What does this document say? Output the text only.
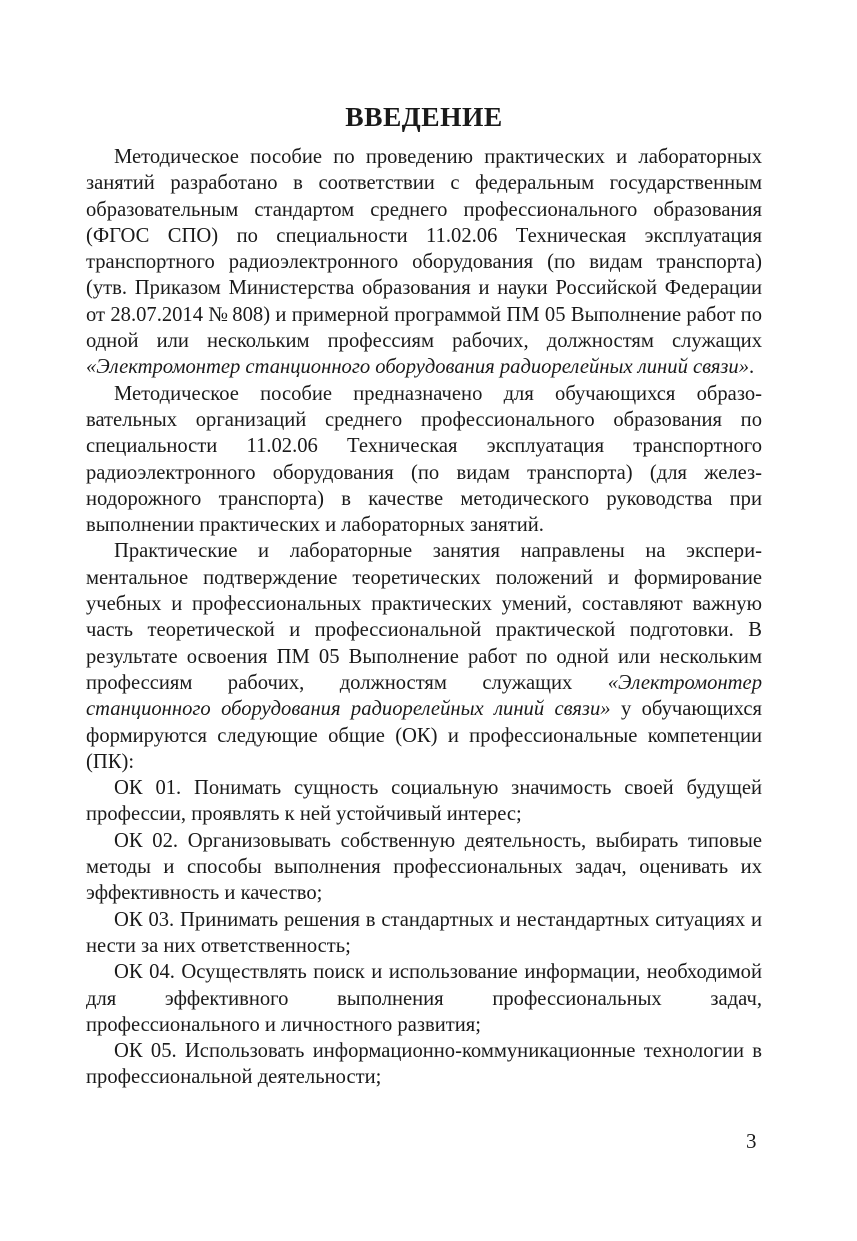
ВВЕДЕНИЕ

Методическое пособие по проведению практических и лабораторных занятий разработано в соответствии с федеральным государственным образовательным стандартом среднего профессионального образования (ФГОС СПО) по специальности 11.02.06 Техническая эксплуатация транспортного радиоэлектронного оборудования (по видам транспорта) (утв. Приказом Министерства образования и науки Российской Федерации от 28.07.2014 № 808) и примерной программой ПМ 05 Выполнение работ по одной или нескольким профессиям рабочих, должностям служащих «Электромонтер станционного оборудования радиорелейных линий связи».

Методическое пособие предназначено для обучающихся образовательных организаций среднего профессионального образования по специальности 11.02.06 Техническая эксплуатация транспортного радиоэлектронного оборудования (по видам транспорта) (для железнодорожного транспорта) в качестве методического руководства при выполнении практических и лабораторных занятий.

Практические и лабораторные занятия направлены на экспериментальное подтверждение теоретических положений и формирование учебных и профессиональных практических умений, составляют важную часть теоретической и профессиональной практической подготовки. В результате освоения ПМ 05 Выполнение работ по одной или нескольким профессиям рабочих, должностям служащих «Электромонтер станционного оборудования радиорелейных линий связи» у обучающихся формируются следующие общие (ОК) и профессиональные компетенции (ПК):

ОК 01. Понимать сущность социальную значимость своей будущей профессии, проявлять к ней устойчивый интерес;

ОК 02. Организовывать собственную деятельность, выбирать типовые методы и способы выполнения профессиональных задач, оценивать их эффективность и качество;

ОК 03. Принимать решения в стандартных и нестандартных ситуациях и нести за них ответственность;

ОК 04. Осуществлять поиск и использование информации, необходимой для эффективного выполнения профессиональных задач, профессионального и личностного развития;

ОК 05. Использовать информационно-коммуникационные технологии в профессиональной деятельности;

3
